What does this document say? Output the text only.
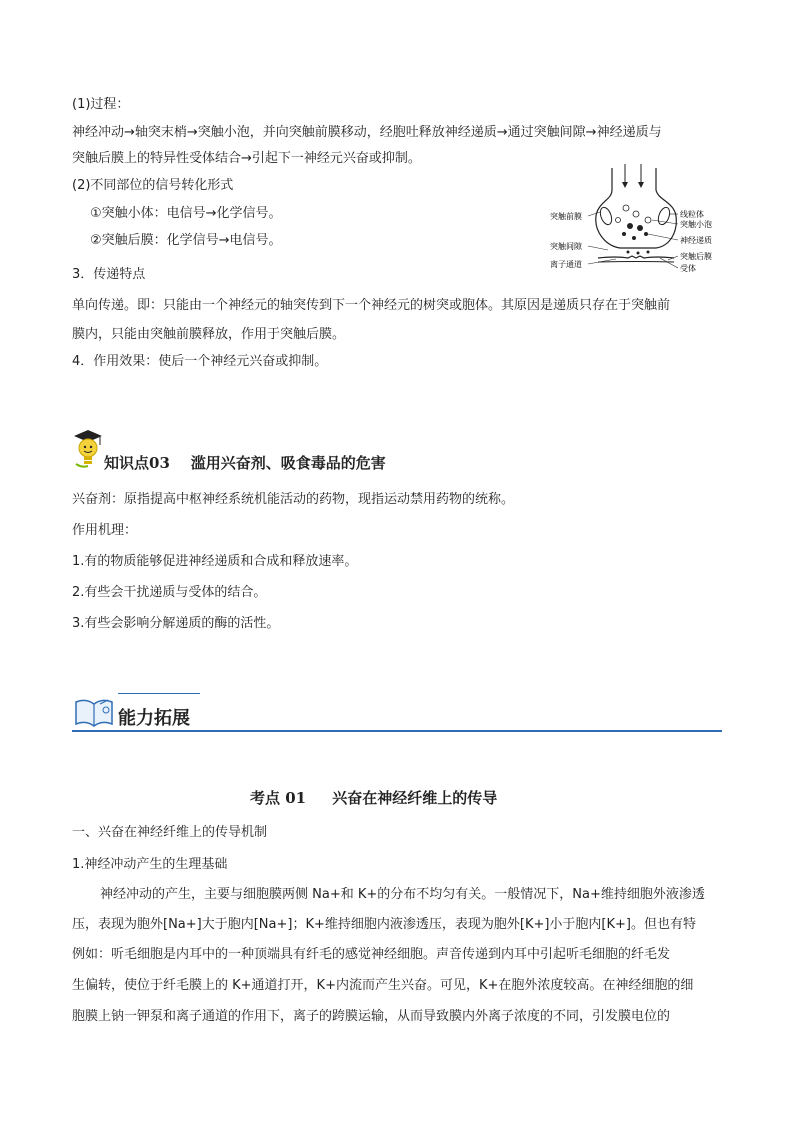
(1)过程：
神经冲动→轴突末梢→突触小泡，并向突触前膜移动，经胞吐释放神经递质→通过突触间隙→神经递质与
突触后膜上的特异性受体结合→引起下一神经元兴奋或抑制。
(2)不同部位的信号转化形式
①突触小体：电信号→化学信号。
②突触后膜：化学信号→电信号。
3．传递特点
单向传递。即：只能由一个神经元的轴突传到下一个神经元的树突或胞体。其原因是递质只存在于突触前
膜内，只能由突触前膜释放，作用于突触后膜。
4．作用效果：使后一个神经元兴奋或抑制。
突触前膜
突触间隙
离子通道
线粒体
突触小泡
神经递质
突触后膜
受体
知识点03 滥用兴奋剂、吸食毒品的危害
兴奋剂：原指提高中枢神经系统机能活动的药物，现指运动禁用药物的统称。
作用机理：
1.有的物质能够促进神经递质和合成和释放速率。
2.有些会干扰递质与受体的结合。
3.有些会影响分解递质的酶的活性。
能力拓展
考点 01 兴奋在神经纤维上的传导
一、兴奋在神经纤维上的传导机制
1.神经冲动产生的生理基础
神经冲动的产生，主要与细胞膜两侧 Na+和 K+的分布不均匀有关。一般情况下，Na+维持细胞外液渗透
压，表现为胞外[Na+]大于胞内[Na+]；K+维持细胞内液渗透压，表现为胞外[K+]小于胞内[K+]。但也有特
例如：听毛细胞是内耳中的一种顶端具有纤毛的感觉神经细胞。声音传递到内耳中引起听毛细胞的纤毛发
生偏转，使位于纤毛膜上的 K+通道打开，K+内流而产生兴奋。可见，K+在胞外浓度较高。在神经细胞的细
胞膜上钠一钾泵和离子通道的作用下，离子的跨膜运输，从而导致膜内外离子浓度的不同，引发膜电位的
